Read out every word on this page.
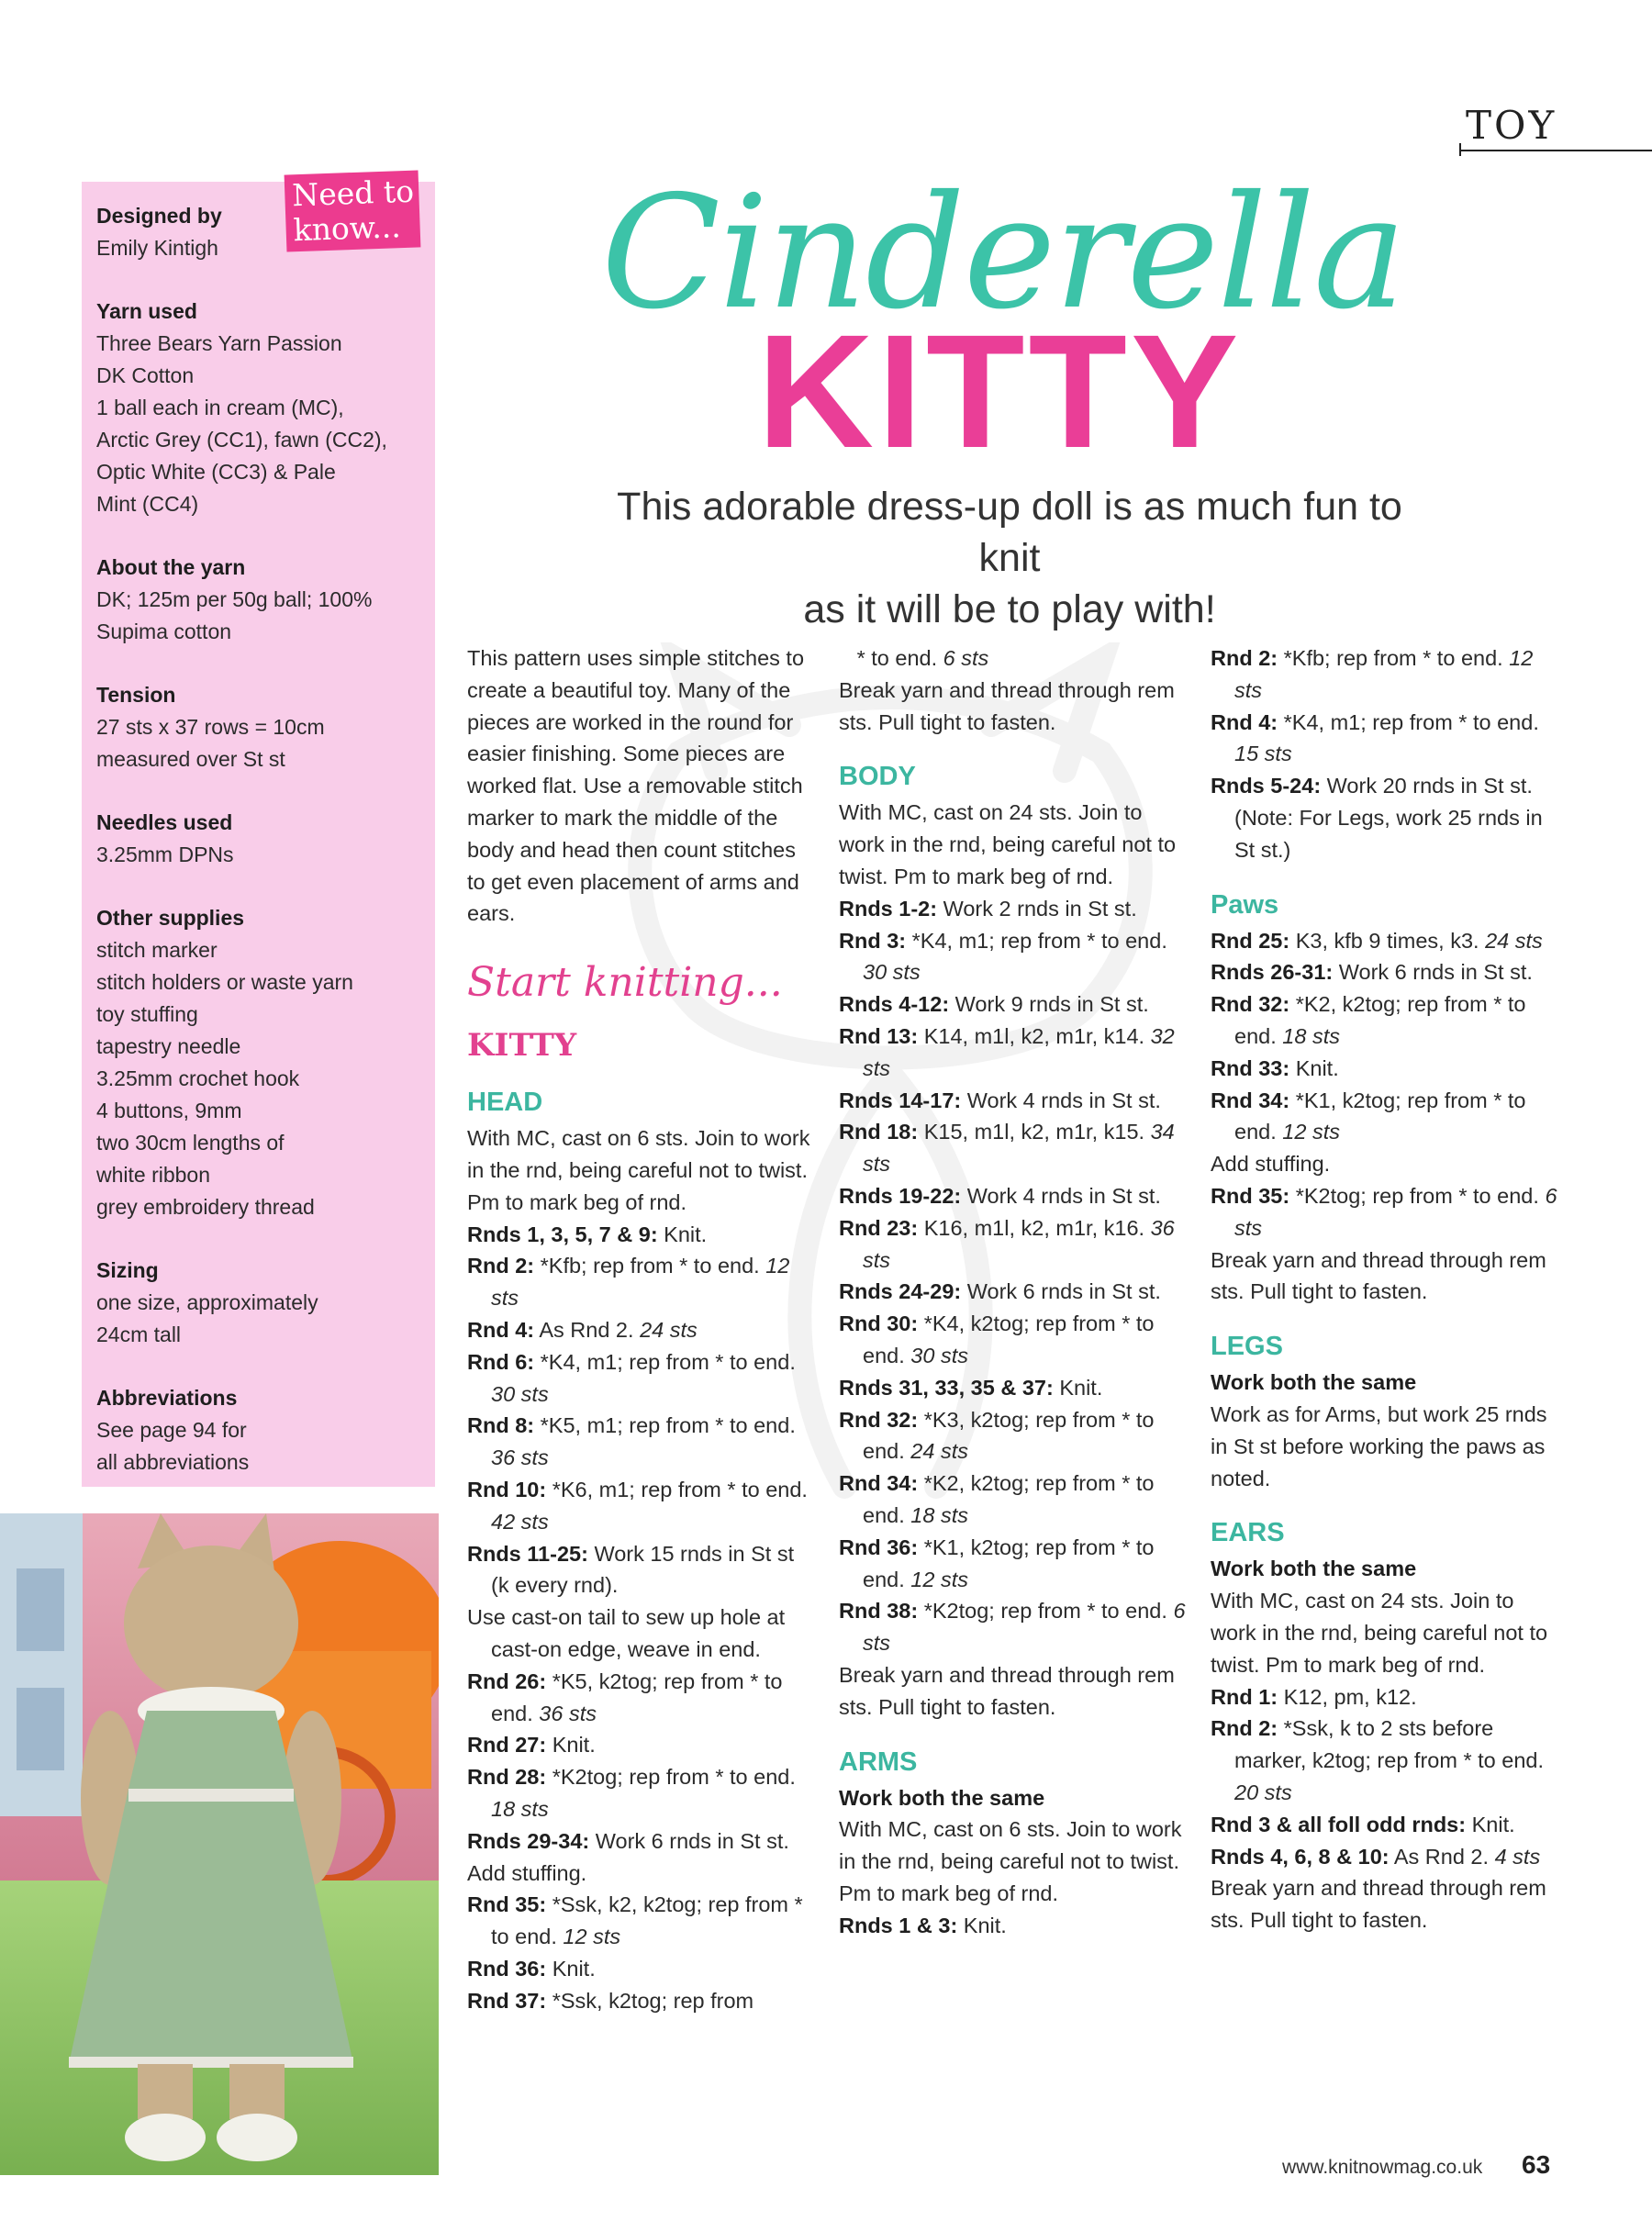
TOY

Designed by

Emily Kintigh

Yarn used

Three Bears Yarn Passion

DK Cotton

1 ball each in cream (MC),

Arctic Grey (CC1), fawn (CC2),

Optic White (CC3) & Pale

Mint (CC4)

About the yarn

DK; 125m per 50g ball; 100%

Supima cotton

Tension

27 sts x 37 rows = 10cm

measured over St st

Needles used

3.25mm DPNs

Other supplies

stitch marker

stitch holders or waste yarn

toy stuffing

tapestry needle

3.25mm crochet hook

4 buttons, 9mm

two 30cm lengths of

white ribbon

grey embroidery thread

Sizing

one size, approximately

24cm tall

Abbreviations

See page 94 for

all abbreviations

Need to
know... Cinderella
KITTY
This adorable dress-up doll is as much fun to knit
as it will be to play with!

This pattern uses simple stitches to create a beautiful toy. Many of the pieces are worked in the round for easier finishing. Some pieces are worked flat. Use a removable stitch marker to mark the middle of the body and head then count stitches to get even placement of arms and ears.

Start knitting...
KITTY
HEAD

With MC, cast on 6 sts. Join to work in the rnd, being careful not to twist. Pm to mark beg of rnd.

Rnds 1, 3, 5, 7 & 9: Knit.

Rnd 2: *Kfb; rep from * to end. 12 sts

Rnd 4: As Rnd 2. 24 sts

Rnd 6: *K4, m1; rep from * to end. 30 sts

Rnd 8: *K5, m1; rep from * to end. 36 sts

Rnd 10: *K6, m1; rep from * to end. 42 sts

Rnds 11-25: Work 15 rnds in St st (k every rnd).

Use cast-on tail to sew up hole at cast-on edge, weave in end.

Rnd 26: *K5, k2tog; rep from * to end. 36 sts

Rnd 27: Knit.

Rnd 28: *K2tog; rep from * to end. 18 sts

Rnds 29-34: Work 6 rnds in St st.

Add stuffing.

Rnd 35: *Ssk, k2, k2tog; rep from * to end. 12 sts

Rnd 36: Knit.

Rnd 37: *Ssk, k2tog; rep from

* to end. 6 sts

Break yarn and thread through rem sts. Pull tight to fasten.

BODY

With MC, cast on 24 sts. Join to work in the rnd, being careful not to twist. Pm to mark beg of rnd.

Rnds 1-2: Work 2 rnds in St st.

Rnd 3: *K4, m1; rep from * to end. 30 sts

Rnds 4-12: Work 9 rnds in St st.

Rnd 13: K14, m1l, k2, m1r, k14. 32 sts

Rnds 14-17: Work 4 rnds in St st.

Rnd 18: K15, m1l, k2, m1r, k15. 34 sts

Rnds 19-22: Work 4 rnds in St st.

Rnd 23: K16, m1l, k2, m1r, k16. 36 sts

Rnds 24-29: Work 6 rnds in St st.

Rnd 30: *K4, k2tog; rep from * to end. 30 sts

Rnds 31, 33, 35 & 37: Knit.

Rnd 32: *K3, k2tog; rep from * to end. 24 sts

Rnd 34: *K2, k2tog; rep from * to end. 18 sts

Rnd 36: *K1, k2tog; rep from * to end. 12 sts

Rnd 38: *K2tog; rep from * to end. 6 sts

Break yarn and thread through rem sts. Pull tight to fasten.

ARMS

Work both the same

With MC, cast on 6 sts. Join to work in the rnd, being careful not to twist. Pm to mark beg of rnd.

Rnds 1 & 3: Knit.

Rnd 2: *Kfb; rep from * to end. 12 sts

Rnd 4: *K4, m1; rep from * to end. 15 sts

Rnds 5-24: Work 20 rnds in St st. (Note: For Legs, work 25 rnds in St st.)

Paws

Rnd 25: K3, kfb 9 times, k3. 24 sts

Rnds 26-31: Work 6 rnds in St st.

Rnd 32: *K2, k2tog; rep from * to end. 18 sts

Rnd 33: Knit.

Rnd 34: *K1, k2tog; rep from * to end. 12 sts

Add stuffing.

Rnd 35: *K2tog; rep from * to end. 6 sts

Break yarn and thread through rem sts. Pull tight to fasten.

LEGS

Work both the same

Work as for Arms, but work 25 rnds in St st before working the paws as noted.

EARS

Work both the same

With MC, cast on 24 sts. Join to work in the rnd, being careful not to twist. Pm to mark beg of rnd.

Rnd 1: K12, pm, k12.

Rnd 2: *Ssk, k to 2 sts before marker, k2tog; rep from * to end. 20 sts

Rnd 3 & all foll odd rnds: Knit.

Rnds 4, 6, 8 & 10: As Rnd 2. 4 sts

Break yarn and thread through rem sts. Pull tight to fasten.

www.knitnowmag.co.uk 63
